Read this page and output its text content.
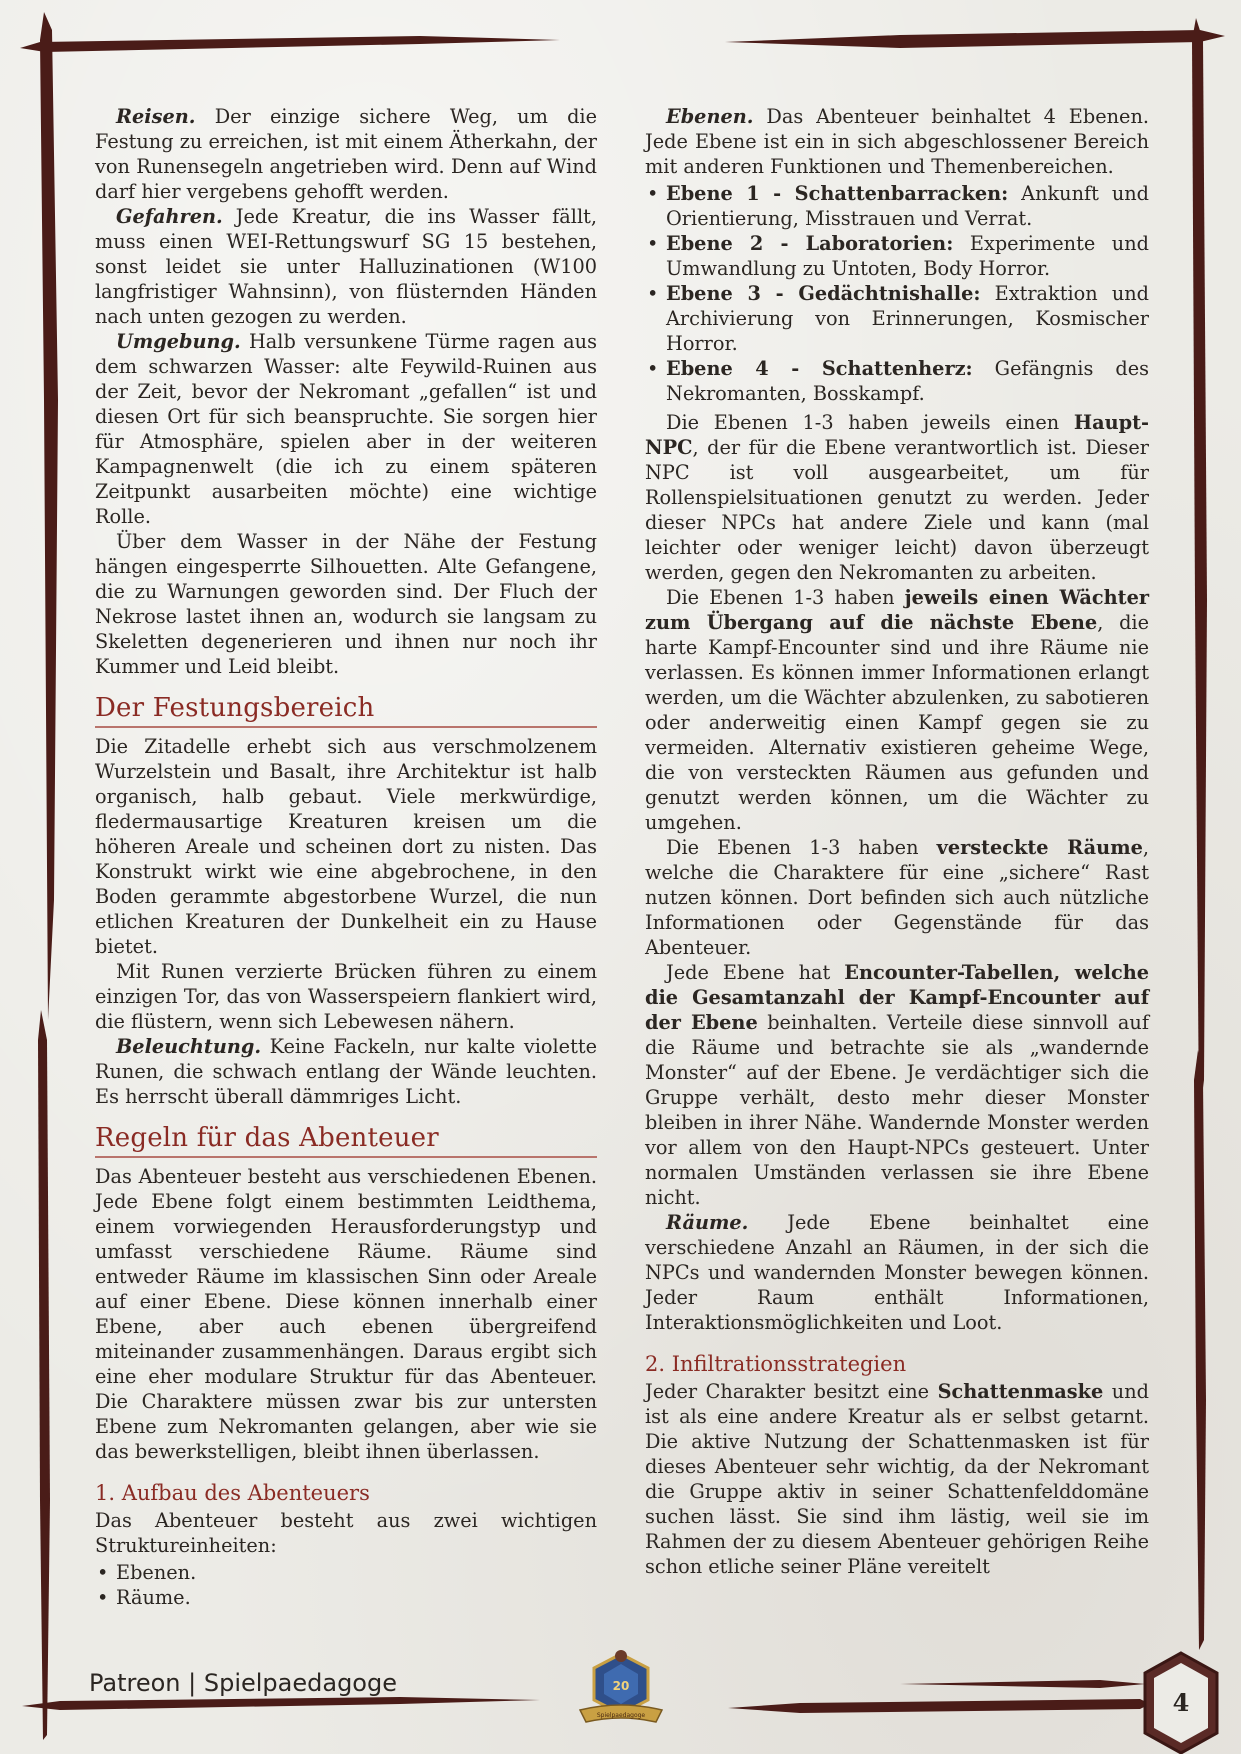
Reisen. Der einzige sichere Weg, um die Festung zu erreichen, ist mit einem Ätherkahn, der von Runensegeln angetrieben wird. Denn auf Wind darf hier vergebens gehofft werden.

Gefahren. Jede Kreatur, die ins Wasser fällt, muss einen WEI-Rettungswurf SG 15 bestehen, sonst leidet sie unter Halluzinationen (W100 langfristiger Wahnsinn), von flüsternden Händen nach unten gezogen zu werden.

Umgebung. Halb versunkene Türme ragen aus dem schwarzen Wasser: alte Feywild-Ruinen aus der Zeit, bevor der Nekromant „gefallen“ ist und diesen Ort für sich beanspruchte. Sie sorgen hier für Atmosphäre, spielen aber in der weiteren Kampagnenwelt (die ich zu einem späteren Zeitpunkt ausarbeiten möchte) eine wichtige Rolle.

Über dem Wasser in der Nähe der Festung hängen eingesperrte Silhouetten. Alte Gefangene, die zu Warnungen geworden sind. Der Fluch der Nekrose lastet ihnen an, wodurch sie langsam zu Skeletten degenerieren und ihnen nur noch ihr Kummer und Leid bleibt.

Der Festungsbereich

Die Zitadelle erhebt sich aus verschmolzenem Wurzelstein und Basalt, ihre Architektur ist halb organisch, halb gebaut. Viele merkwürdige, fledermausartige Kreaturen kreisen um die höheren Areale und scheinen dort zu nisten. Das Konstrukt wirkt wie eine abgebrochene, in den Boden gerammte abgestorbene Wurzel, die nun etlichen Kreaturen der Dunkelheit ein zu Hause bietet.

Mit Runen verzierte Brücken führen zu einem einzigen Tor, das von Wasserspeiern flankiert wird, die flüstern, wenn sich Lebewesen nähern.

Beleuchtung. Keine Fackeln, nur kalte violette Runen, die schwach entlang der Wände leuchten. Es herrscht überall dämmriges Licht.

Regeln für das Abenteuer

Das Abenteuer besteht aus verschiedenen Ebenen. Jede Ebene folgt einem bestimmten Leidthema, einem vorwiegenden Herausforderungstyp und umfasst verschiedene Räume. Räume sind entweder Räume im klassischen Sinn oder Areale auf einer Ebene. Diese können innerhalb einer Ebene, aber auch ebenen übergreifend miteinander zusammenhängen. Daraus ergibt sich eine eher modulare Struktur für das Abenteuer. Die Charaktere müssen zwar bis zur untersten Ebene zum Nekromanten gelangen, aber wie sie das bewerkstelligen, bleibt ihnen überlassen.

1. Aufbau des Abenteuers

Das Abenteuer besteht aus zwei wichtigen Struktureinheiten:

• Ebenen.
• Räume.

Ebenen. Das Abenteuer beinhaltet 4 Ebenen. Jede Ebene ist ein in sich abgeschlossener Bereich mit anderen Funktionen und Themenbereichen.

• Ebene 1 - Schattenbarracken: Ankunft und Orientierung, Misstrauen und Verrat.
• Ebene 2 - Laboratorien: Experimente und Umwandlung zu Untoten, Body Horror.
• Ebene 3 - Gedächtnishalle: Extraktion und Archivierung von Erinnerungen, Kosmischer Horror.
• Ebene 4 - Schattenherz: Gefängnis des Nekromanten, Bosskampf.

Die Ebenen 1-3 haben jeweils einen Haupt-NPC, der für die Ebene verantwortlich ist. Dieser NPC ist voll ausgearbeitet, um für Rollenspielsituationen genutzt zu werden. Jeder dieser NPCs hat andere Ziele und kann (mal leichter oder weniger leicht) davon überzeugt werden, gegen den Nekromanten zu arbeiten.

Die Ebenen 1-3 haben jeweils einen Wächter zum Übergang auf die nächste Ebene, die harte Kampf-Encounter sind und ihre Räume nie verlassen. Es können immer Informationen erlangt werden, um die Wächter abzulenken, zu sabotieren oder anderweitig einen Kampf gegen sie zu vermeiden. Alternativ existieren geheime Wege, die von versteckten Räumen aus gefunden und genutzt werden können, um die Wächter zu umgehen.

Die Ebenen 1-3 haben versteckte Räume, welche die Charaktere für eine „sichere“ Rast nutzen können. Dort befinden sich auch nützliche Informationen oder Gegenstände für das Abenteuer.

Jede Ebene hat Encounter-Tabellen, welche die Gesamtanzahl der Kampf-Encounter auf der Ebene beinhalten. Verteile diese sinnvoll auf die Räume und betrachte sie als „wandernde Monster“ auf der Ebene. Je verdächtiger sich die Gruppe verhält, desto mehr dieser Monster bleiben in ihrer Nähe. Wandernde Monster werden vor allem von den Haupt-NPCs gesteuert. Unter normalen Umständen verlassen sie ihre Ebene nicht.

Räume. Jede Ebene beinhaltet eine verschiedene Anzahl an Räumen, in der sich die NPCs und wandernden Monster bewegen können. Jeder Raum enthält Informationen, Interaktionsmöglichkeiten und Loot.

2. Infiltrationsstrategien

Jeder Charakter besitzt eine Schattenmaske und ist als eine andere Kreatur als er selbst getarnt. Die aktive Nutzung der Schattenmasken ist für dieses Abenteuer sehr wichtig, da der Nekromant die Gruppe aktiv in seiner Schattenfelddomäne suchen lässt. Sie sind ihm lästig, weil sie im Rahmen der zu diesem Abenteuer gehörigen Reihe schon etliche seiner Pläne vereitelt

Patreon | Spielpaedagoge	20
Spielpaedagoge	4
